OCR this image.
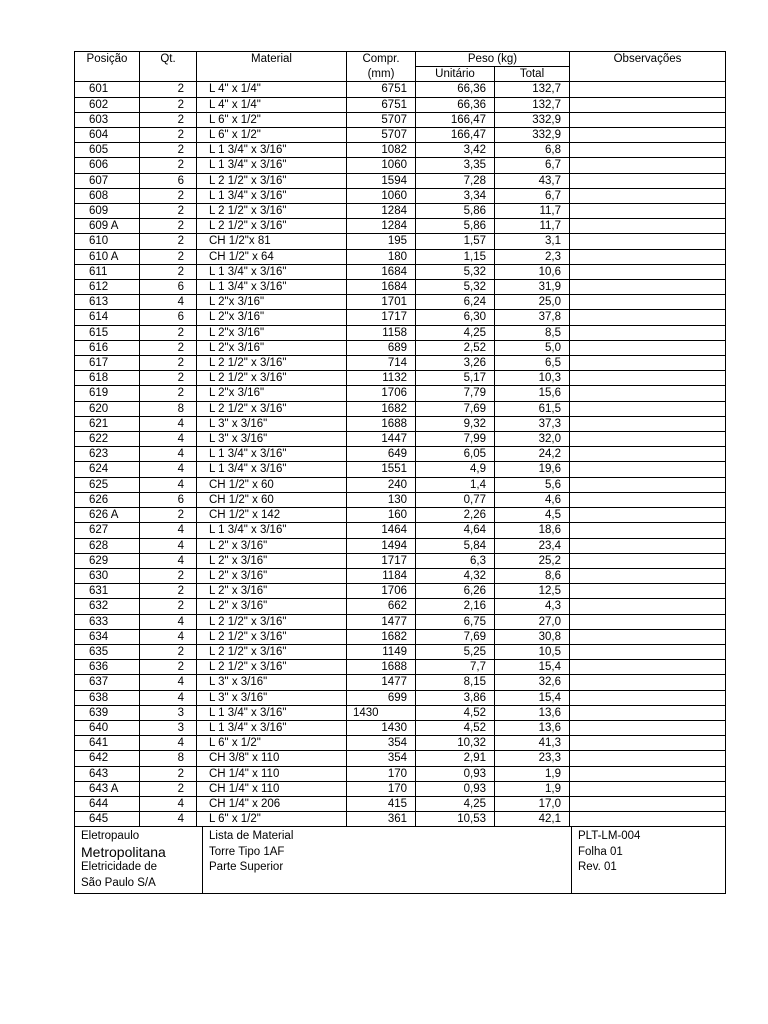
Posição	Qt.	Material	Compr.	Peso (kg)		Observações
			(mm)	Unitário	Total	
601	2	L 4" x 1/4"	6751	66,36	132,7	
602	2	L 4" x 1/4"	6751	66,36	132,7	
603	2	L 6" x 1/2"	5707	166,47	332,9	
604	2	L 6" x 1/2"	5707	166,47	332,9	
605	2	L 1 3/4" x 3/16"	1082	3,42	6,8	
606	2	L 1 3/4" x 3/16"	1060	3,35	6,7	
607	6	L 2 1/2" x 3/16"	1594	7,28	43,7	
608	2	L 1 3/4" x 3/16"	1060	3,34	6,7	
609	2	L 2 1/2" x 3/16"	1284	5,86	11,7	
609 A	2	L 2 1/2" x 3/16"	1284	5,86	11,7	
610	2	CH 1/2"x 81	195	1,57	3,1	
610 A	2	CH 1/2" x 64	180	1,15	2,3	
611	2	L 1 3/4" x 3/16"	1684	5,32	10,6	
612	6	L 1 3/4" x 3/16"	1684	5,32	31,9	
613	4	L 2"x 3/16"	1701	6,24	25,0	
614	6	L 2"x 3/16"	1717	6,30	37,8	
615	2	L 2"x 3/16"	1158	4,25	8,5	
616	2	L 2"x 3/16"	689	2,52	5,0	
617	2	L 2 1/2" x 3/16"	714	3,26	6,5	
618	2	L 2 1/2" x 3/16"	1132	5,17	10,3	
619	2	L 2"x 3/16"	1706	7,79	15,6	
620	8	L 2 1/2" x 3/16"	1682	7,69	61,5	
621	4	L 3" x 3/16"	1688	9,32	37,3	
622	4	L 3" x 3/16"	1447	7,99	32,0	
623	4	L 1 3/4" x 3/16"	649	6,05	24,2	
624	4	L 1 3/4" x 3/16"	1551	4,9	19,6	
625	4	CH 1/2" x 60	240	1,4	5,6	
626	6	CH 1/2" x 60	130	0,77	4,6	
626 A	2	CH 1/2" x 142	160	2,26	4,5	
627	4	L 1 3/4" x 3/16"	1464	4,64	18,6	
628	4	L 2" x 3/16"	1494	5,84	23,4	
629	4	L 2" x 3/16"	1717	6,3	25,2	
630	2	L 2" x 3/16"	1184	4,32	8,6	
631	2	L 2" x 3/16"	1706	6,26	12,5	
632	2	L 2" x 3/16"	662	2,16	4,3	
633	4	L 2 1/2" x 3/16"	1477	6,75	27,0	
634	4	L 2 1/2" x 3/16"	1682	7,69	30,8	
635	2	L 2 1/2" x 3/16"	1149	5,25	10,5	
636	2	L 2 1/2" x 3/16"	1688	7,7	15,4	
637	4	L 3" x 3/16"	1477	8,15	32,6	
638	4	L 3" x 3/16"	699	3,86	15,4	
639	3	L 1 3/4" x 3/16"	1430	4,52	13,6	
640	3	L 1 3/4" x 3/16"	1430	4,52	13,6	
641	4	L 6" x 1/2"	354	10,32	41,3	
642	8	CH 3/8" x 110	354	2,91	23,3	
643	2	CH 1/4" x 110	170	0,93	1,9	
643 A	2	CH 1/4" x 110	170	0,93	1,9	
644	4	CH 1/4" x 206	415	4,25	17,0	
645	4	L 6" x 1/2"	361	10,53	42,1	
Eletropaulo
Metropolitana
Eletricidade de
São Paulo S/A

Lista de Material
Torre Tipo 1AF
Parte Superior

PLT-LM-004
Folha 01
Rev. 01
